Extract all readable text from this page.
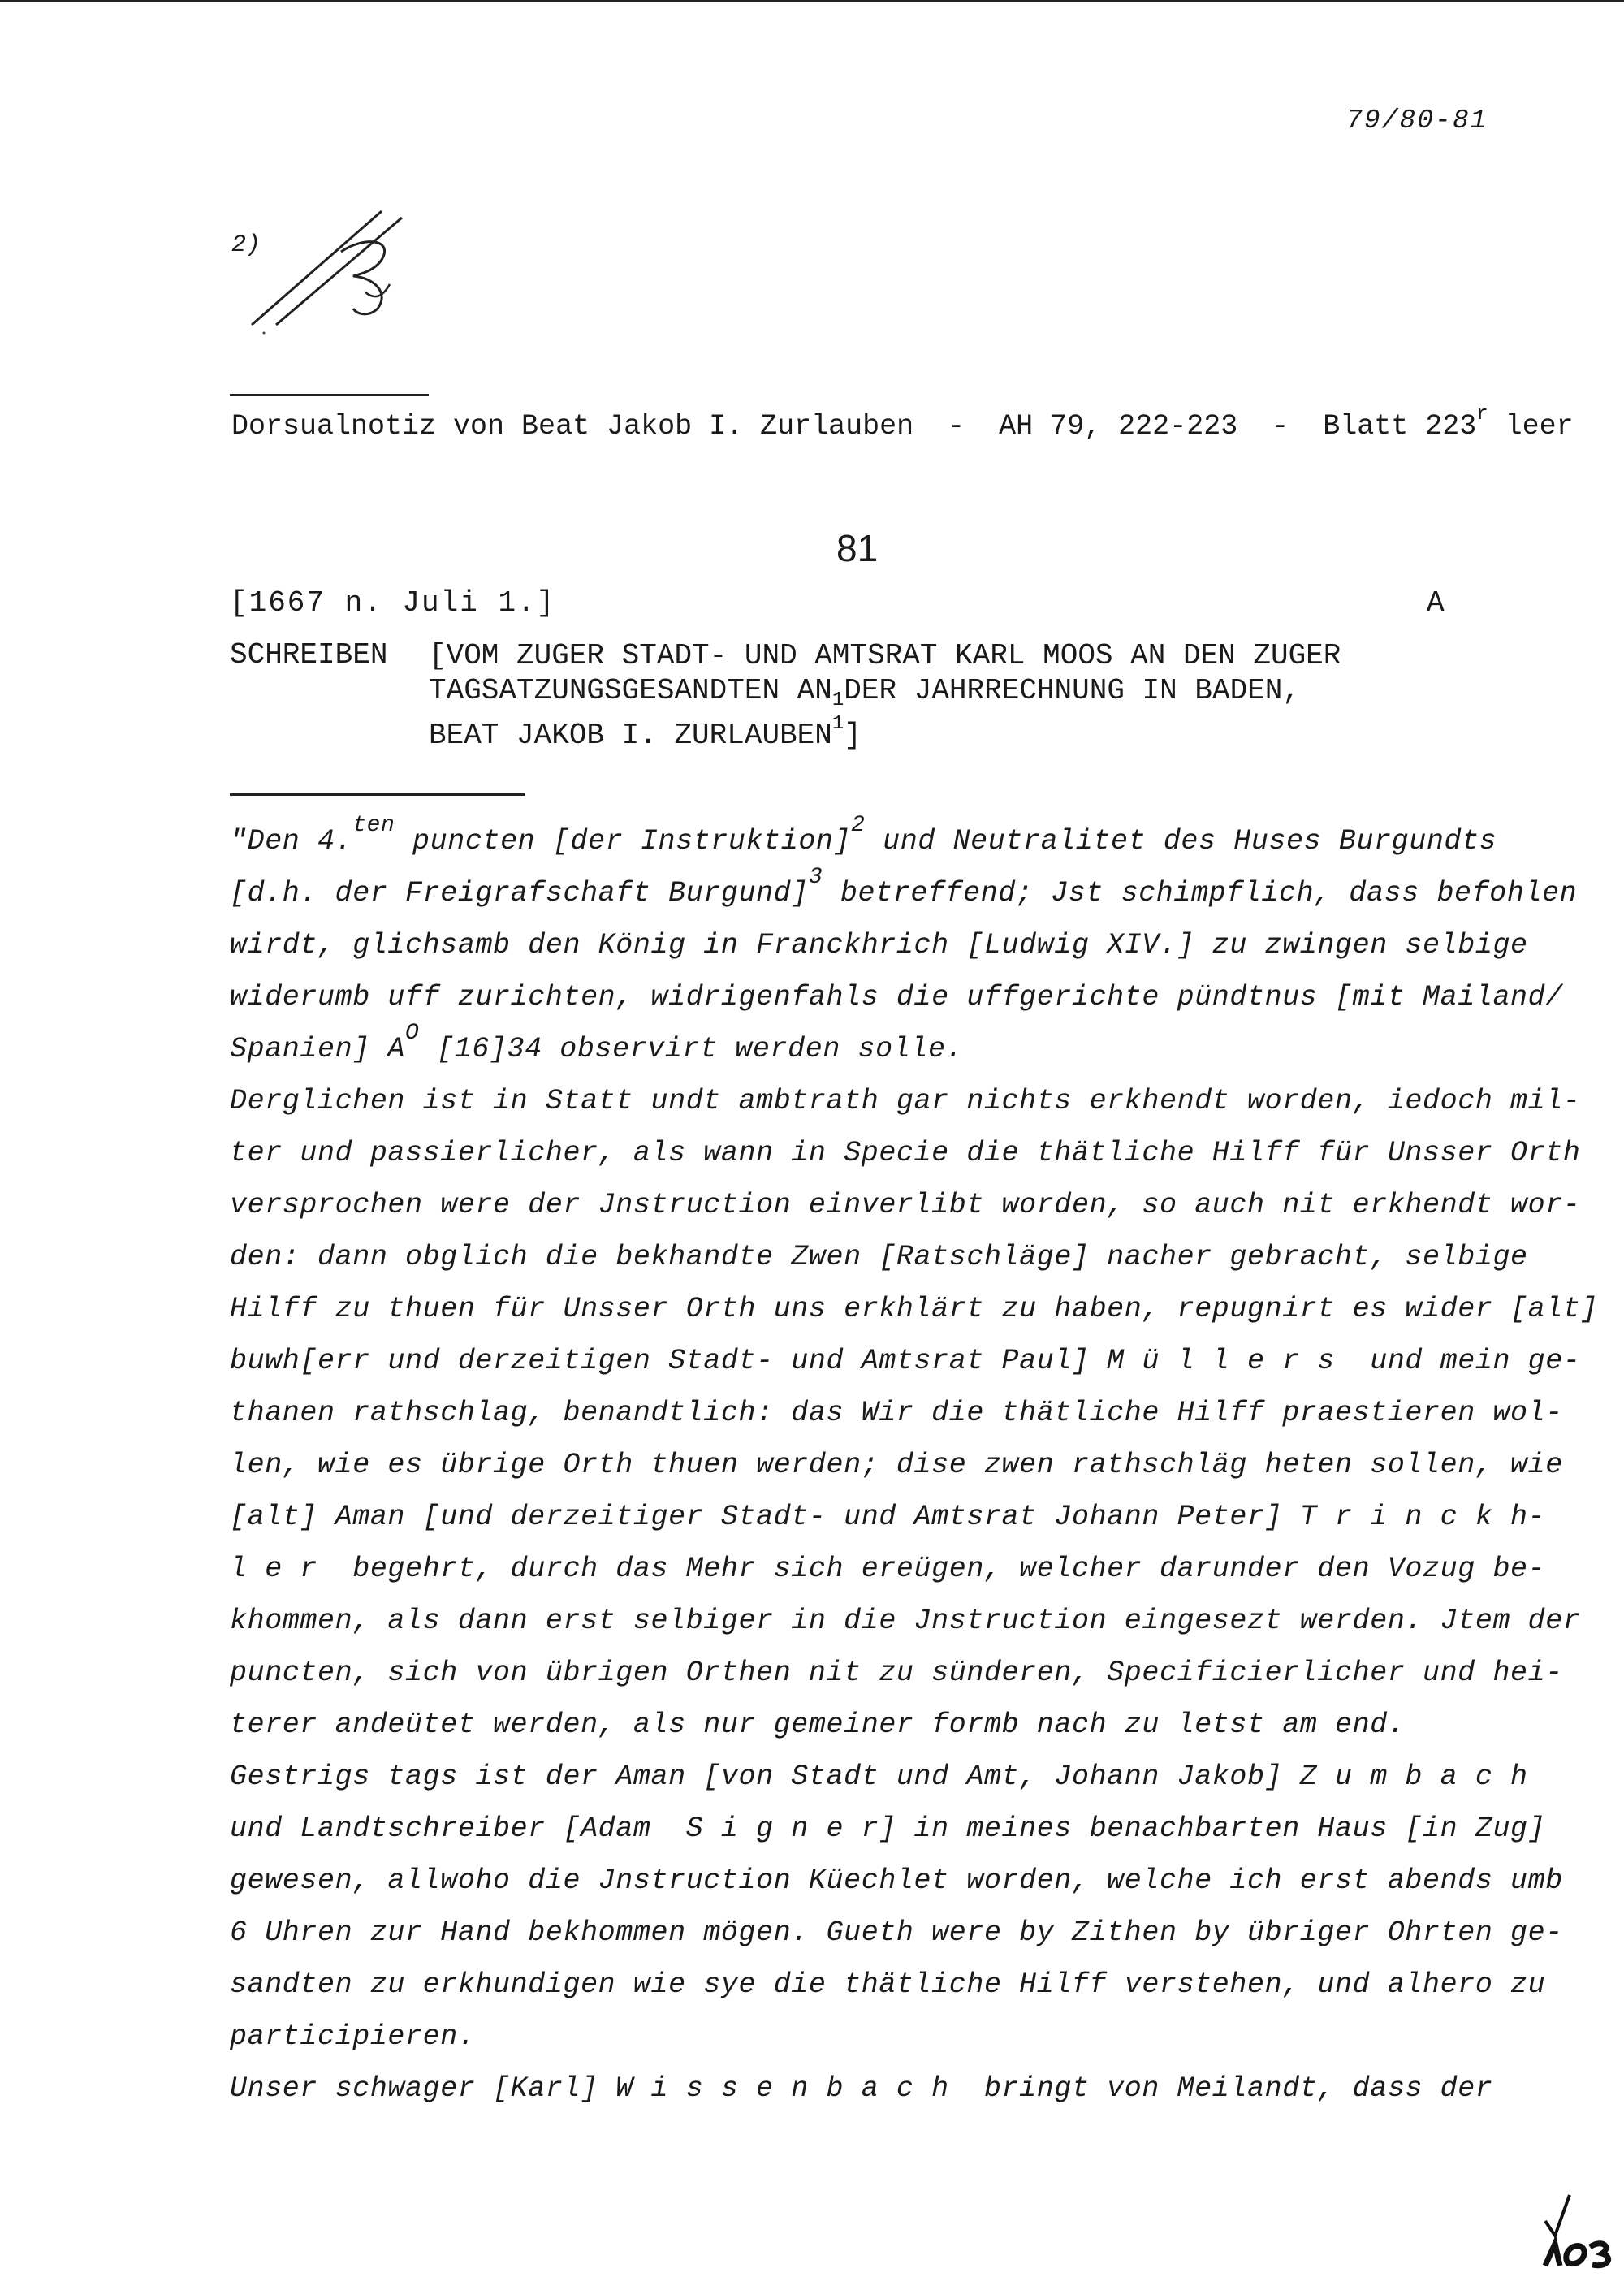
79/80-81
2)
Dorsualnotiz von Beat Jakob I. Zurlauben  -  AH 79, 222-223  -  Blatt 223$^r$ leer
81
[1667 n. Juli 1.]	A
SCHREIBEN [VOM ZUGER STADT- UND AMTSRAT KARL MOOS AN DEN ZUGER
TAGSATZUNGSGESANDTEN $AN_1DER$ JAHRRECHNUNG IN BADEN,
BEAT JAKOB I. ZURLAUBEN$^1$]
"Den 4.$^{ten}$ puncten [der Instruktion]$^2$ und Neutralitet des Huses Burgundts
[d.h. der Freigrafschaft Burgund]$^3$ betreffend; Jst schimpflich, dass befohlen
wirdt, glichsamb den König in Franckhrich [Ludwig XIV.] zu zwingen selbige
widerumb uff zurichten, widrigenfahls die uffgerichte pündtnus [mit Mailand/
Spanien] $A^O$ [16]34 observirt werden solle.
Derglichen ist in Statt undt ambtrath gar nichts erkhendt worden, iedoch mil-
ter und passierlicher, als wann in Specie die thätliche Hilff für Unsser Orth
versprochen were der Jnstruction einverlibt worden, so auch nit erkhendt wor-
den: dann obglich die bekhandte Zwen [Ratschläge] nacher gebracht, selbige
Hilff zu thuen für Unsser Orth uns erkhlärt zu haben, repugnirt es wider [alt]
buwh[err und derzeitigen Stadt- und Amtsrat Paul] M ü l l e r s  und mein ge-
thanen rathschlag, benandtlich: das Wir die thätliche Hilff praestieren wol-
len, wie es übrige Orth thuen werden; dise zwen rathschläg heten sollen, wie
[alt] Aman [und derzeitiger Stadt- und Amtsrat Johann Peter] T r i n c k h-
l e r  begehrt, durch das Mehr sich ereügen, welcher darunder den Vozug be-
khommen, als dann erst selbiger in die Jnstruction eingesezt werden. Jtem der
puncten, sich von übrigen Orthen nit zu sünderen, Specificierlicher und hei-
terer andeütet werden, als nur gemeiner formb nach zu letst am end.
Gestrigs tags ist der Aman [von Stadt und Amt, Johann Jakob] Z u m b a c h
und Landtschreiber [Adam  S i g n e r] in meines benachbarten Haus [in Zug]
gewesen, allwoho die Jnstruction Küechlet worden, welche ich erst abends umb
6 Uhren zur Hand bekhommen mögen. Gueth were by Zithen by übriger Ohrten ge-
sandten zu erkhundigen wie sye die thätliche Hilff verstehen, und alhero zu
participieren.
Unser schwager [Karl] W i s s e n b a c h  bringt von Meilandt, dass der
